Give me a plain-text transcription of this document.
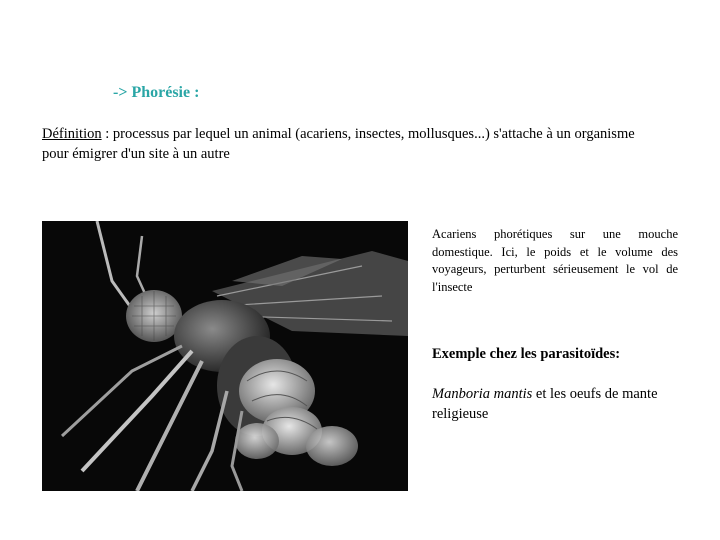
-> Phorésie :
Définition : processus par lequel un animal (acariens, insectes, mollusques...) s'attache à un organisme pour émigrer d'un site à un autre
Acariens phorétiques sur une mouche domestique. Ici, le poids et le volume des voyageurs, perturbent sérieusement le vol de l'insecte
Exemple chez les parasitoïdes:
Manboria mantis et les oeufs de mante religieuse
